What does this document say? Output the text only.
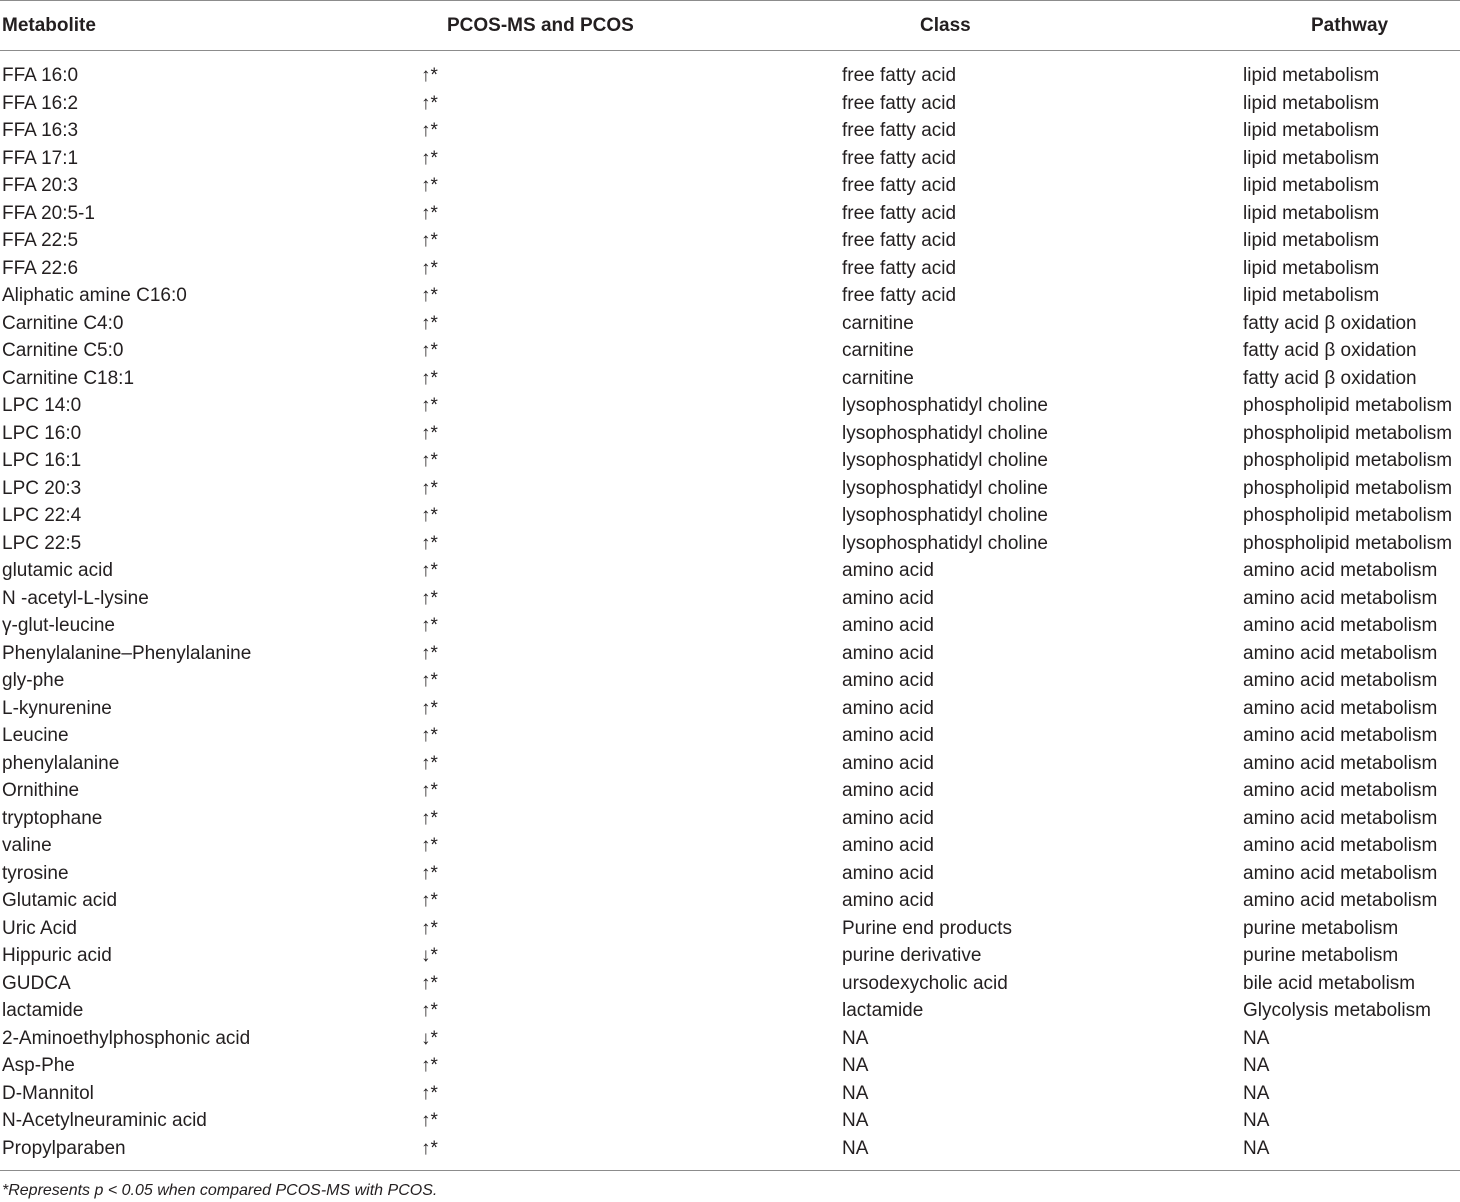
Metabolite	PCOS-MS and PCOS	Class	Pathway
FFA 16:0	↑*	free fatty acid	lipid metabolism
FFA 16:2	↑*	free fatty acid	lipid metabolism
FFA 16:3	↑*	free fatty acid	lipid metabolism
FFA 17:1	↑*	free fatty acid	lipid metabolism
FFA 20:3	↑*	free fatty acid	lipid metabolism
FFA 20:5-1	↑*	free fatty acid	lipid metabolism
FFA 22:5	↑*	free fatty acid	lipid metabolism
FFA 22:6	↑*	free fatty acid	lipid metabolism
Aliphatic amine C16:0	↑*	free fatty acid	lipid metabolism
Carnitine C4:0	↑*	carnitine	fatty acid β oxidation
Carnitine C5:0	↑*	carnitine	fatty acid β oxidation
Carnitine C18:1	↑*	carnitine	fatty acid β oxidation
LPC 14:0	↑*	lysophosphatidyl choline	phospholipid metabolism
LPC 16:0	↑*	lysophosphatidyl choline	phospholipid metabolism
LPC 16:1	↑*	lysophosphatidyl choline	phospholipid metabolism
LPC 20:3	↑*	lysophosphatidyl choline	phospholipid metabolism
LPC 22:4	↑*	lysophosphatidyl choline	phospholipid metabolism
LPC 22:5	↑*	lysophosphatidyl choline	phospholipid metabolism
glutamic acid	↑*	amino acid	amino acid metabolism
N -acetyl-L-lysine	↑*	amino acid	amino acid metabolism
γ-glut-leucine	↑*	amino acid	amino acid metabolism
Phenylalanine–Phenylalanine	↑*	amino acid	amino acid metabolism
gly-phe	↑*	amino acid	amino acid metabolism
L-kynurenine	↑*	amino acid	amino acid metabolism
Leucine	↑*	amino acid	amino acid metabolism
phenylalanine	↑*	amino acid	amino acid metabolism
Ornithine	↑*	amino acid	amino acid metabolism
tryptophane	↑*	amino acid	amino acid metabolism
valine	↑*	amino acid	amino acid metabolism
tyrosine	↑*	amino acid	amino acid metabolism
Glutamic acid	↑*	amino acid	amino acid metabolism
Uric Acid	↑*	Purine end products	purine metabolism
Hippuric acid	↓*	purine derivative	purine metabolism
GUDCA	↑*	ursodexycholic acid	bile acid metabolism
lactamide	↑*	lactamide	Glycolysis metabolism
2-Aminoethylphosphonic acid	↓*	NA	NA
Asp-Phe	↑*	NA	NA
D-Mannitol	↑*	NA	NA
N-Acetylneuraminic acid	↑*	NA	NA
Propylparaben	↑*	NA	NA
*Represents p < 0.05 when compared PCOS-MS with PCOS.
